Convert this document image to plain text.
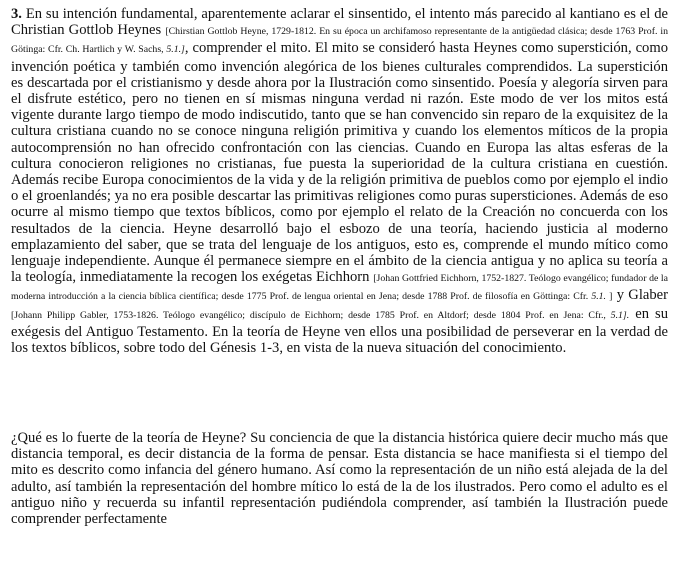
3. En su intención fundamental, aparentemente aclarar el sinsentido, el intento más parecido al kantiano es el de Christian Gottlob Heynes [Chirstian Gottlob Heyne, 1729-1812. En su época un archifamoso representante de la antigüedad clásica; desde 1763 Prof. in Götinga: Cfr. Ch. Hartlich y W. Sachs, 5.1.], comprender el mito. El mito se consideró hasta Heynes como superstición, como invención poética y también como invención alegórica de los bienes culturales comprendidos. La superstición es descartada por el cristianismo y desde ahora por la Ilustración como sinsentido. Poesía y alegoría sirven para el disfrute estético, pero no tienen en sí mismas ninguna verdad ni razón. Este modo de ver los mitos está vigente durante largo tiempo de modo indiscutido, tanto que se han convencido sin reparo de la exquisitez de la cultura cristiana cuando no se conoce ninguna religión primitiva y cuando los elementos míticos de la propia autocomprensión no han ofrecido confrontación con las ciencias. Cuando en Europa las altas esferas de la cultura conocieron religiones no cristianas, fue puesta la superioridad de la cultura cristiana en cuestión. Además recibe Europa conocimientos de la vida y de la religión primitiva de pueblos como por ejemplo el indio o el groenlandés; ya no era posible descartar las primitivas religiones como puras supersticiones. Además de eso ocurre al mismo tiempo que textos bíblicos, como por ejemplo el relato de la Creación no concuerda con los resultados de la ciencia. Heyne desarrolló bajo el esbozo de una teoría, haciendo justicia al moderno emplazamiento del saber, que se trata del lenguaje de los antiguos, esto es, comprende el mundo mítico como lenguaje independiente. Aunque él permanece siempre en el ámbito de la ciencia antigua y no aplica su teoría a la teología, inmediatamente la recogen los exégetas Eichhorn [Johan Gottfried Eichhorn, 1752-1827. Teólogo evangélico; fundador de la moderna introducción a la ciencia bíblica científica; desde 1775 Prof. de lengua oriental en Jena; desde 1788 Prof. de filosofía en Göttinga: Cfr. 5.1. ] y Glaber [Johann Philipp Gabler, 1753-1826. Teólogo evangélico; discípulo de Eichhorn; desde 1785 Prof. en Altdorf; desde 1804 Prof. en Jena: Cfr., 5.1]. en su exégesis del Antiguo Testamento. En la teoría de Heyne ven ellos una posibilidad de perseverar en la verdad de los textos bíblicos, sobre todo del Génesis 1-3, en vista de la nueva situación del conocimiento.

¿Qué es lo fuerte de la teoría de Heyne? Su conciencia de que la distancia histórica quiere decir mucho más que distancia temporal, es decir distancia de la forma de pensar. Esta distancia se hace manifiesta si el tiempo del mito es descrito como infancia del género humano. Así como la representación de un niño está alejada de la del adulto, así también la representación del hombre mítico lo está de la de los ilustrados. Pero como el adulto es el antiguo niño y recuerda su infantil representación pudiéndola comprender, así también la Ilustración puede comprender perfectamente
